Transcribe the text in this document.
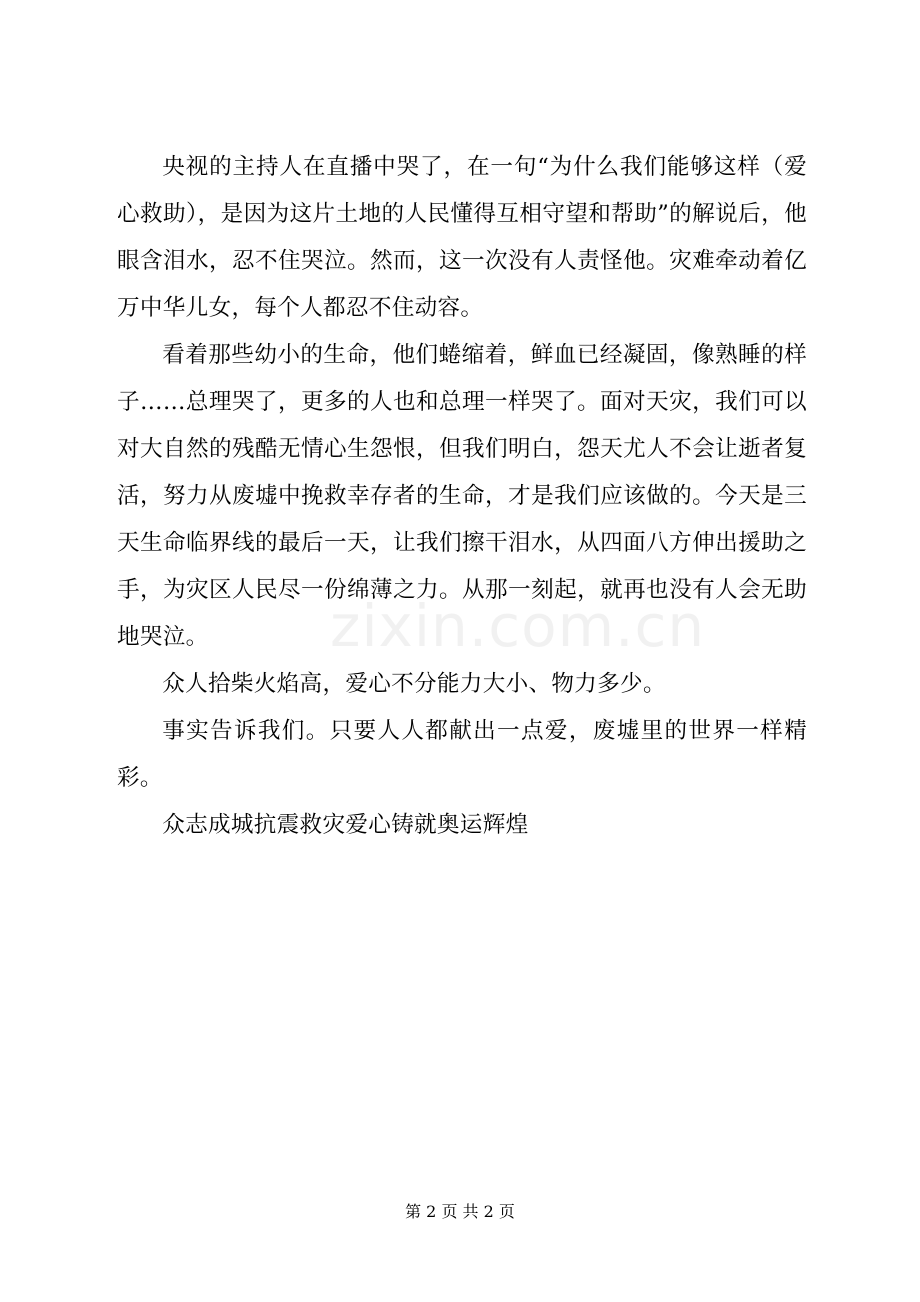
zixin.com.cn

央视的主持人在直播中哭了，在一句“为什么我们能够这样（爱心救助），是因为这片土地的人民懂得互相守望和帮助”的解说后，他眼含泪水，忍不住哭泣。然而，这一次没有人责怪他。灾难牵动着亿万中华儿女，每个人都忍不住动容。

看着那些幼小的生命，他们蜷缩着，鲜血已经凝固，像熟睡的样子……总理哭了，更多的人也和总理一样哭了。面对天灾，我们可以对大自然的残酷无情心生怨恨，但我们明白，怨天尤人不会让逝者复活，努力从废墟中挽救幸存者的生命，才是我们应该做的。今天是三天生命临界线的最后一天，让我们擦干泪水，从四面八方伸出援助之手，为灾区人民尽一份绵薄之力。从那一刻起，就再也没有人会无助地哭泣。

众人拾柴火焰高，爱心不分能力大小、物力多少。

事实告诉我们。只要人人都献出一点爱，废墟里的世界一样精彩。

众志成城抗震救灾爱心铸就奥运辉煌

第 2 页 共 2 页
